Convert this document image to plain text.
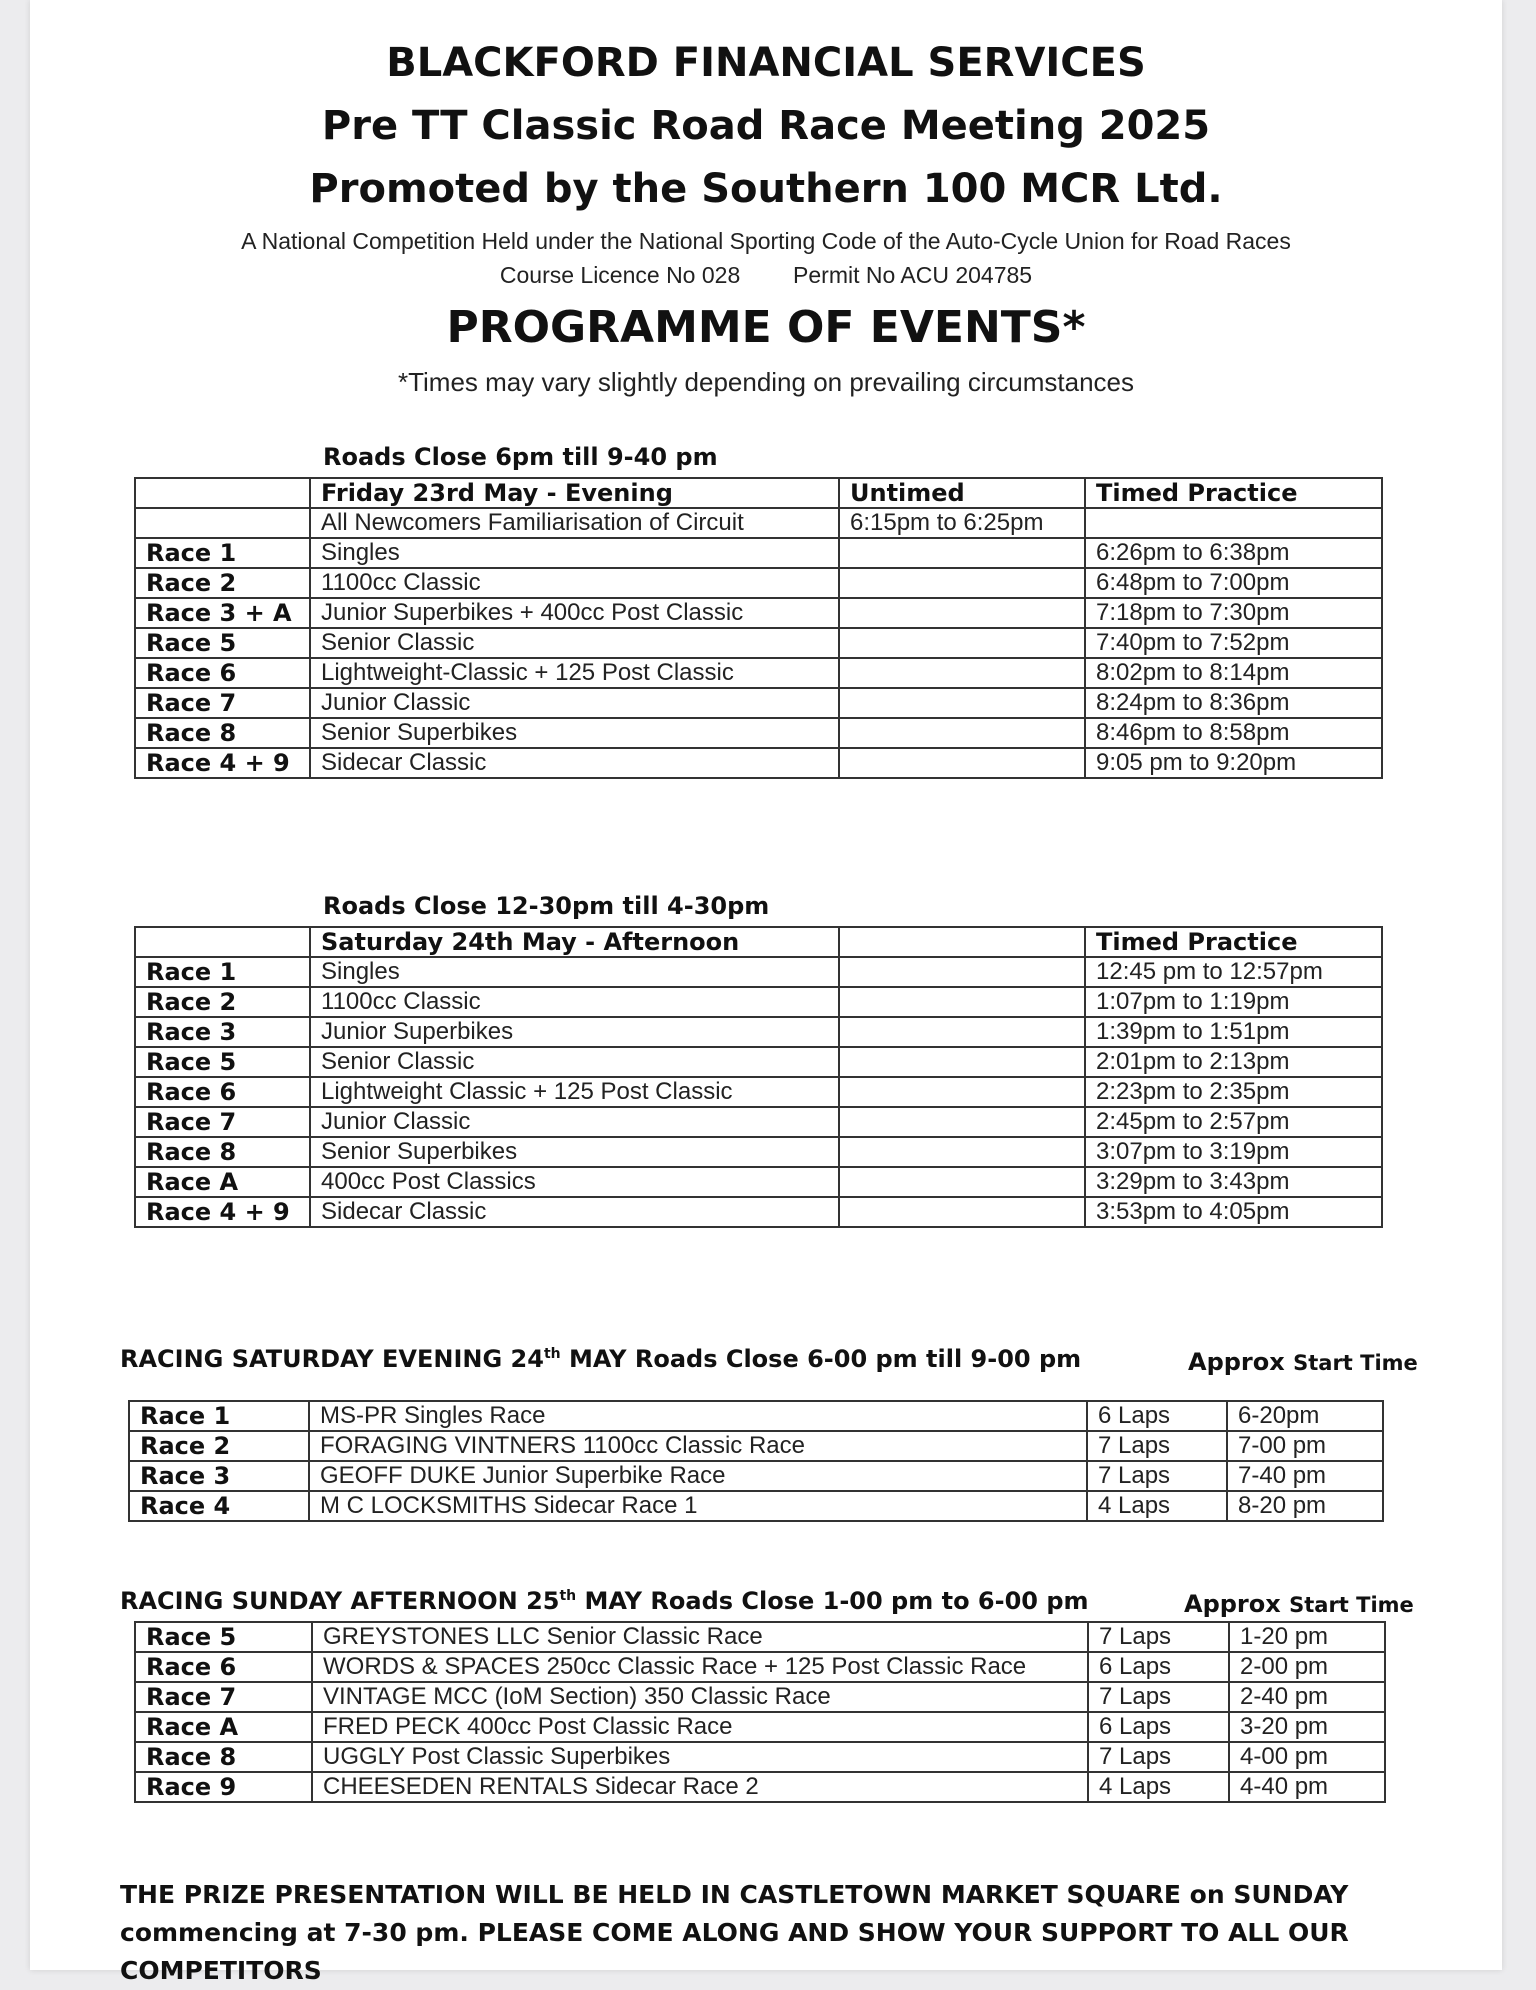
BLACKFORD FINANCIAL SERVICES
Pre TT Classic Road Race Meeting 2025
Promoted by the Southern 100 MCR Ltd.
A National Competition Held under the National Sporting Code of the Auto-Cycle Union for Road Races
Course Licence No 028 Permit No ACU 204785
PROGRAMME OF EVENTS*
*Times may vary slightly depending on prevailing circumstances
Roads Close 6pm till 9-40 pm
	Friday 23rd May - Evening	Untimed	Timed Practice
	All Newcomers Familiarisation of Circuit	6:15pm to 6:25pm	
Race 1	Singles		6:26pm to 6:38pm
Race 2	1100cc Classic		6:48pm to 7:00pm
Race 3 + A	Junior Superbikes + 400cc Post Classic		7:18pm to 7:30pm
Race 5	Senior Classic		7:40pm to 7:52pm
Race 6	Lightweight-Classic + 125 Post Classic		8:02pm to 8:14pm
Race 7	Junior Classic		8:24pm to 8:36pm
Race 8	Senior Superbikes		8:46pm to 8:58pm
Race 4 + 9	Sidecar Classic		9:05 pm to 9:20pm
Roads Close 12-30pm till 4-30pm
	Saturday 24th May - Afternoon		Timed Practice
Race 1	Singles		12:45 pm to 12:57pm
Race 2	1100cc Classic		1:07pm to 1:19pm
Race 3	Junior Superbikes		1:39pm to 1:51pm
Race 5	Senior Classic		2:01pm to 2:13pm
Race 6	Lightweight Classic + 125 Post Classic		2:23pm to 2:35pm
Race 7	Junior Classic		2:45pm to 2:57pm
Race 8	Senior Superbikes		3:07pm to 3:19pm
Race A	400cc Post Classics		3:29pm to 3:43pm
Race 4 + 9	Sidecar Classic		3:53pm to 4:05pm
RACING SATURDAY EVENING 24th MAY Roads Close 6-00 pm till 9-00 pm	Approx Start Time
Race 1	MS-PR Singles Race	6 Laps	6-20pm
Race 2	FORAGING VINTNERS 1100cc Classic Race	7 Laps	7-00 pm
Race 3	GEOFF DUKE Junior Superbike Race	7 Laps	7-40 pm
Race 4	M C LOCKSMITHS Sidecar Race 1	4 Laps	8-20 pm
RACING SUNDAY AFTERNOON 25th MAY Roads Close 1-00 pm to 6-00 pm	Approx Start Time
Race 5	GREYSTONES LLC Senior Classic Race	7 Laps	1-20 pm
Race 6	WORDS & SPACES 250cc Classic Race + 125 Post Classic Race	6 Laps	2-00 pm
Race 7	VINTAGE MCC (IoM Section) 350 Classic Race	7 Laps	2-40 pm
Race A	FRED PECK 400cc Post Classic Race	6 Laps	3-20 pm
Race 8	UGGLY Post Classic Superbikes	7 Laps	4-00 pm
Race 9	CHEESEDEN RENTALS Sidecar Race 2	4 Laps	4-40 pm
THE PRIZE PRESENTATION WILL BE HELD IN CASTLETOWN MARKET SQUARE on SUNDAY commencing at 7-30 pm. PLEASE COME ALONG AND SHOW YOUR SUPPORT TO ALL OUR COMPETITORS
